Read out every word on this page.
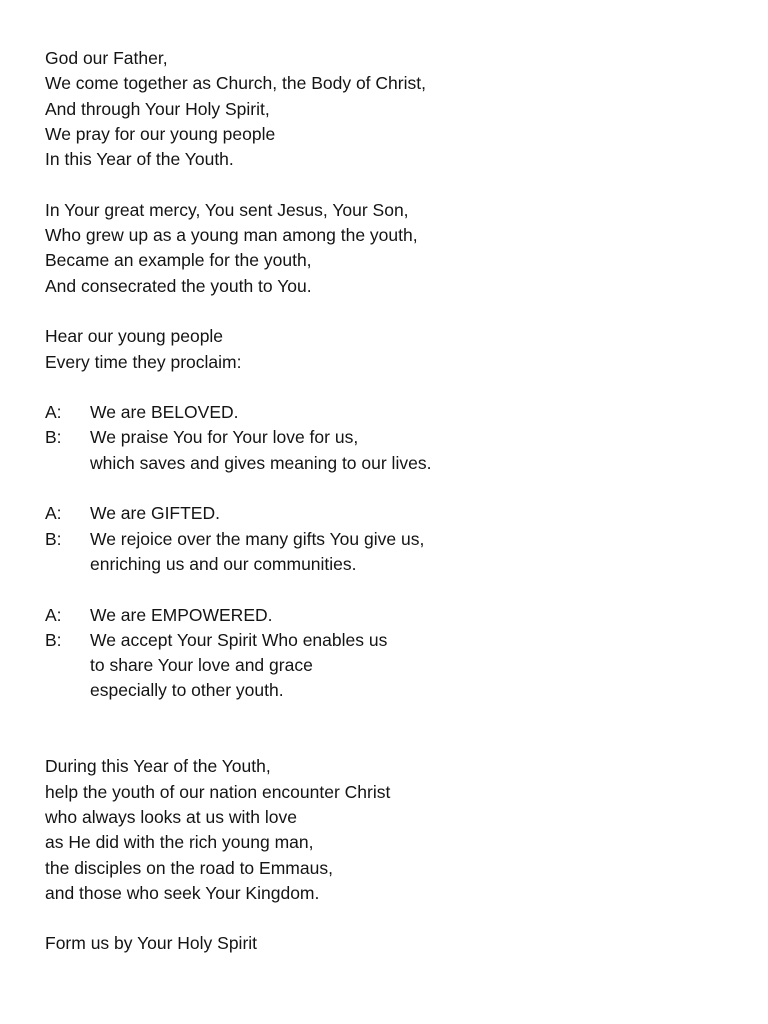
God our Father,
We come together as Church, the Body of Christ,
And through Your Holy Spirit,
We pray for our young people
In this Year of the Youth.
In Your great mercy, You sent Jesus, Your Son,
Who grew up as a young man among the youth,
Became an example for the youth,
And consecrated the youth to You.
Hear our young people
Every time they proclaim:
A:	We are BELOVED.
B:	We praise You for Your love for us,
which saves and gives meaning to our lives.
A:	We are GIFTED.
B:	We rejoice over the many gifts You give us,
enriching us and our communities.
A:	We are EMPOWERED.
B:	We accept Your Spirit Who enables us
to share Your love and grace
especially to other youth.
During this Year of the Youth,
help the youth of our nation encounter Christ
who always looks at us with love
as He did with the rich young man,
the disciples on the road to Emmaus,
and those who seek Your Kingdom.
Form us by Your Holy Spirit
